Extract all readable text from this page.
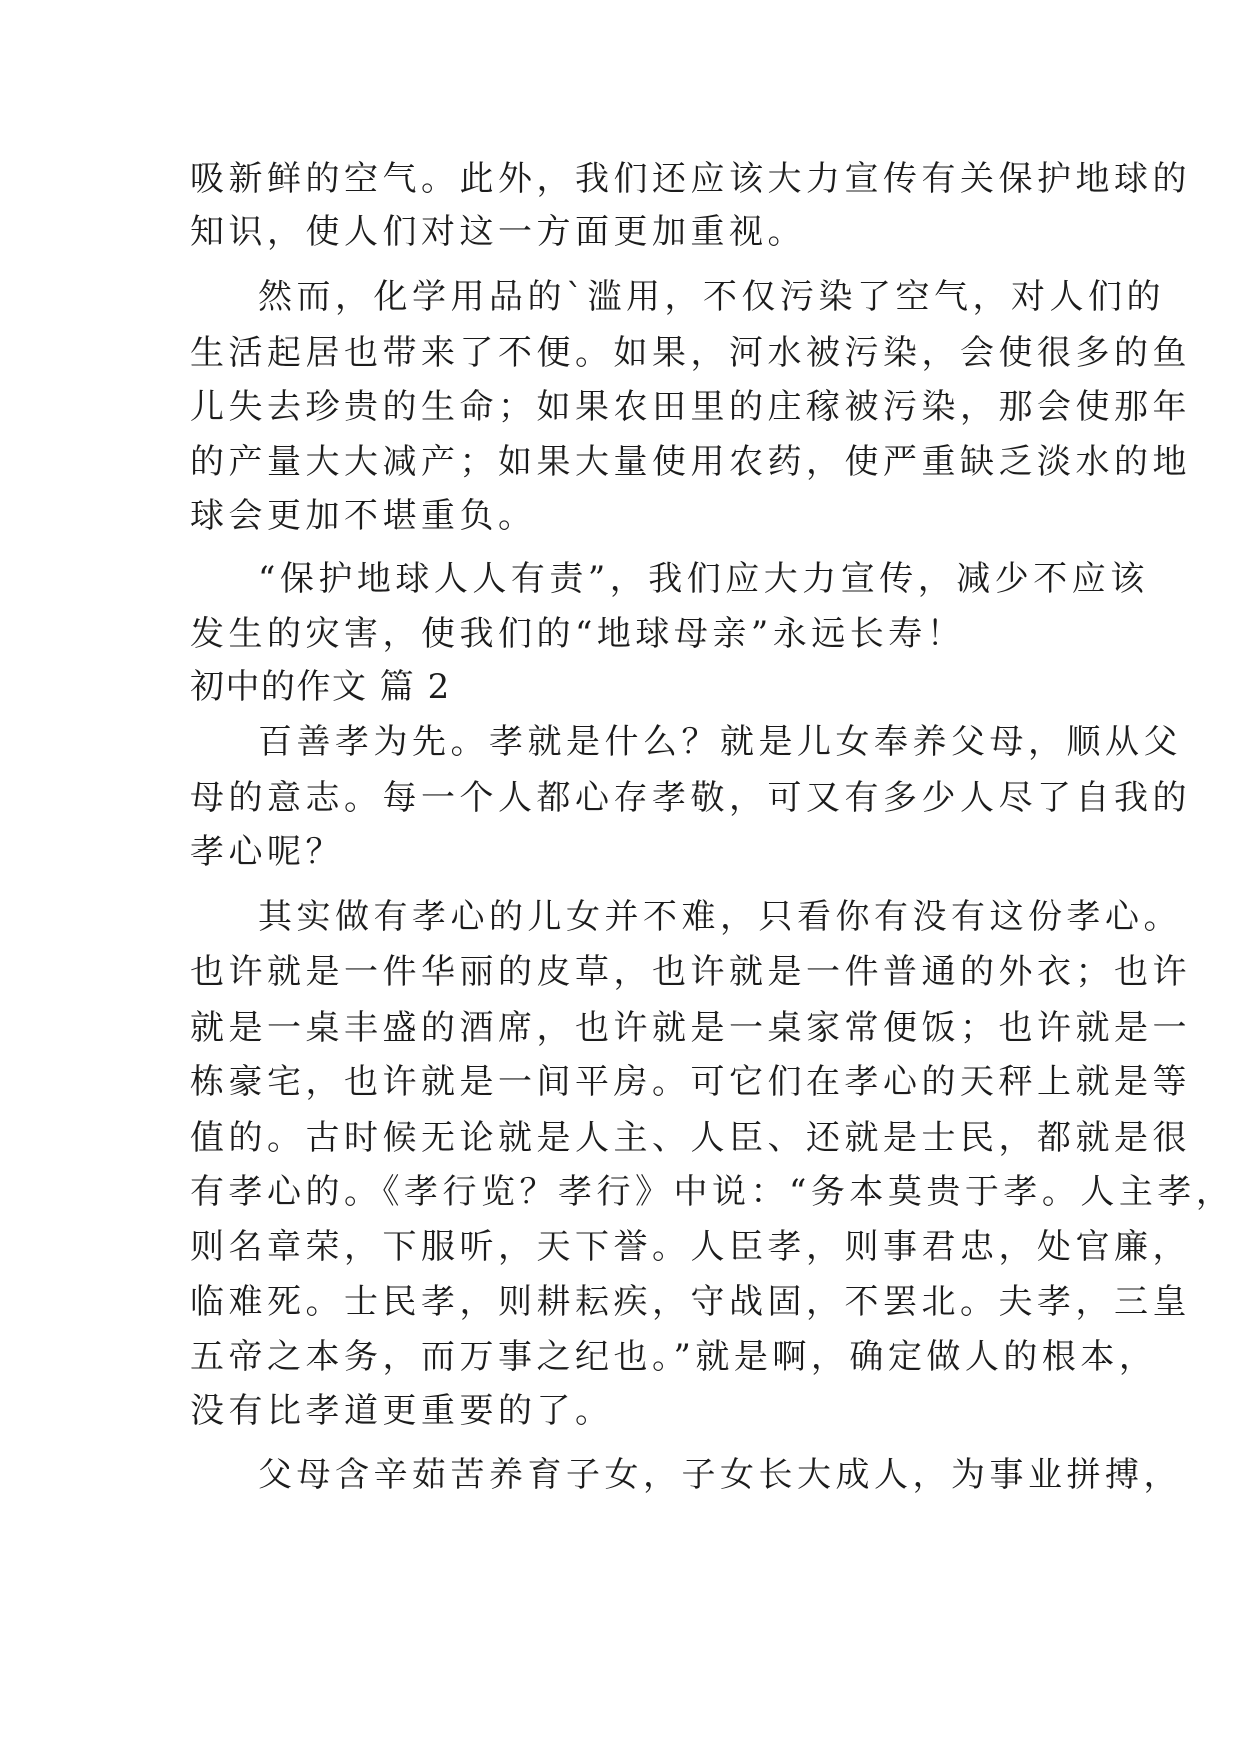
吸新鲜的空气。此外，我们还应该大力宣传有关保护地球的
知识，使人们对这一方面更加重视。
然而，化学用品的`滥用，不仅污染了空气，对人们的
生活起居也带来了不便。如果，河水被污染，会使很多的鱼
儿失去珍贵的生命；如果农田里的庄稼被污染，那会使那年
的产量大大减产；如果大量使用农药，使严重缺乏淡水的地
球会更加不堪重负。
“保护地球人人有责”，我们应大力宣传，减少不应该
发生的灾害，使我们的“地球母亲”永远长寿！
初中的作文 篇 2
百善孝为先。孝就是什么？就是儿女奉养父母，顺从父
母的意志。每一个人都心存孝敬，可又有多少人尽了自我的
孝心呢？
其实做有孝心的儿女并不难，只看你有没有这份孝心。
也许就是一件华丽的皮草，也许就是一件普通的外衣；也许
就是一桌丰盛的酒席，也许就是一桌家常便饭；也许就是一
栋豪宅，也许就是一间平房。可它们在孝心的天秤上就是等
值的。古时候无论就是人主、人臣、还就是士民，都就是很
有孝心的。《孝行览？孝行》中说：“务本莫贵于孝。人主孝，
则名章荣，下服听，天下誉。人臣孝，则事君忠，处官廉，
临难死。士民孝，则耕耘疾，守战固，不罢北。夫孝，三皇
五帝之本务，而万事之纪也。”就是啊，确定做人的根本，
没有比孝道更重要的了。
父母含辛茹苦养育子女，子女长大成人，为事业拼搏，
